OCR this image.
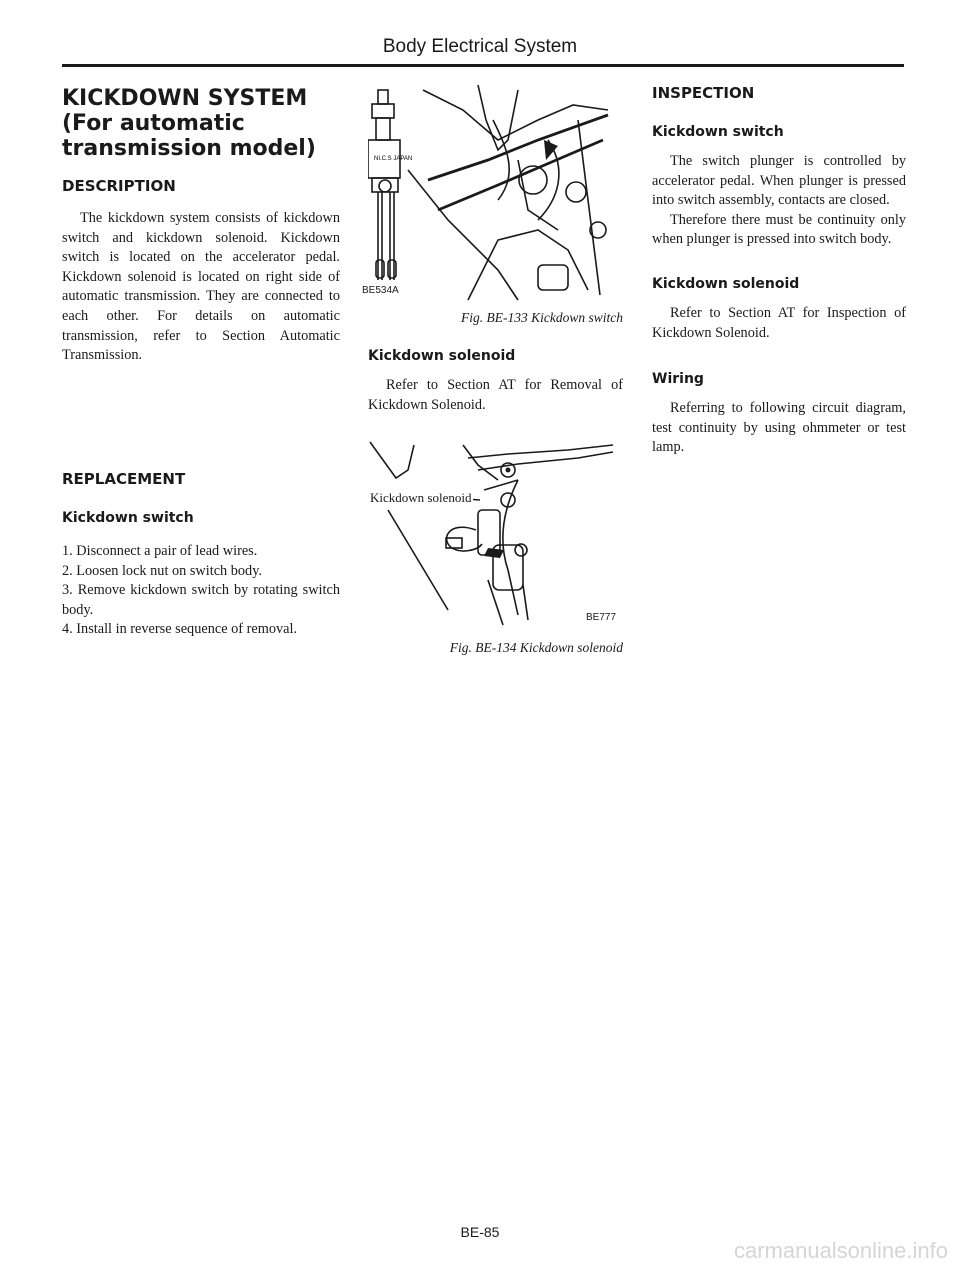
Body Electrical System
KICKDOWN SYSTEM
(For automatic
transmission model)
DESCRIPTION

The kickdown system consists of kickdown switch and kickdown solenoid. Kickdown switch is located on the accelerator pedal. Kickdown solenoid is located on right side of automatic transmission. They are connected to each other. For details on automatic transmission, refer to Section Automatic Transmission.

REPLACEMENT
Kickdown switch

1. Disconnect a pair of lead wires.

2. Loosen lock nut on switch body.

3. Remove kickdown switch by rotating switch body.

4. Install in reverse sequence of removal.

NI.C.S JAPAN
BE534A
Fig. BE-133 Kickdown switch
Kickdown solenoid

Refer to Section AT for Removal of Kickdown Solenoid.

Kickdown solenoid
BE777
Fig. BE-134 Kickdown solenoid
INSPECTION
Kickdown switch

The switch plunger is controlled by accelerator pedal. When plunger is pressed into switch assembly, contacts are closed.

Therefore there must be continuity only when plunger is pressed into switch body.

Kickdown solenoid

Refer to Section AT for Inspection of Kickdown Solenoid.

Wiring

Referring to following circuit diagram, test continuity by using ohmmeter or test lamp.

BE-85
carmanualsonline.info
